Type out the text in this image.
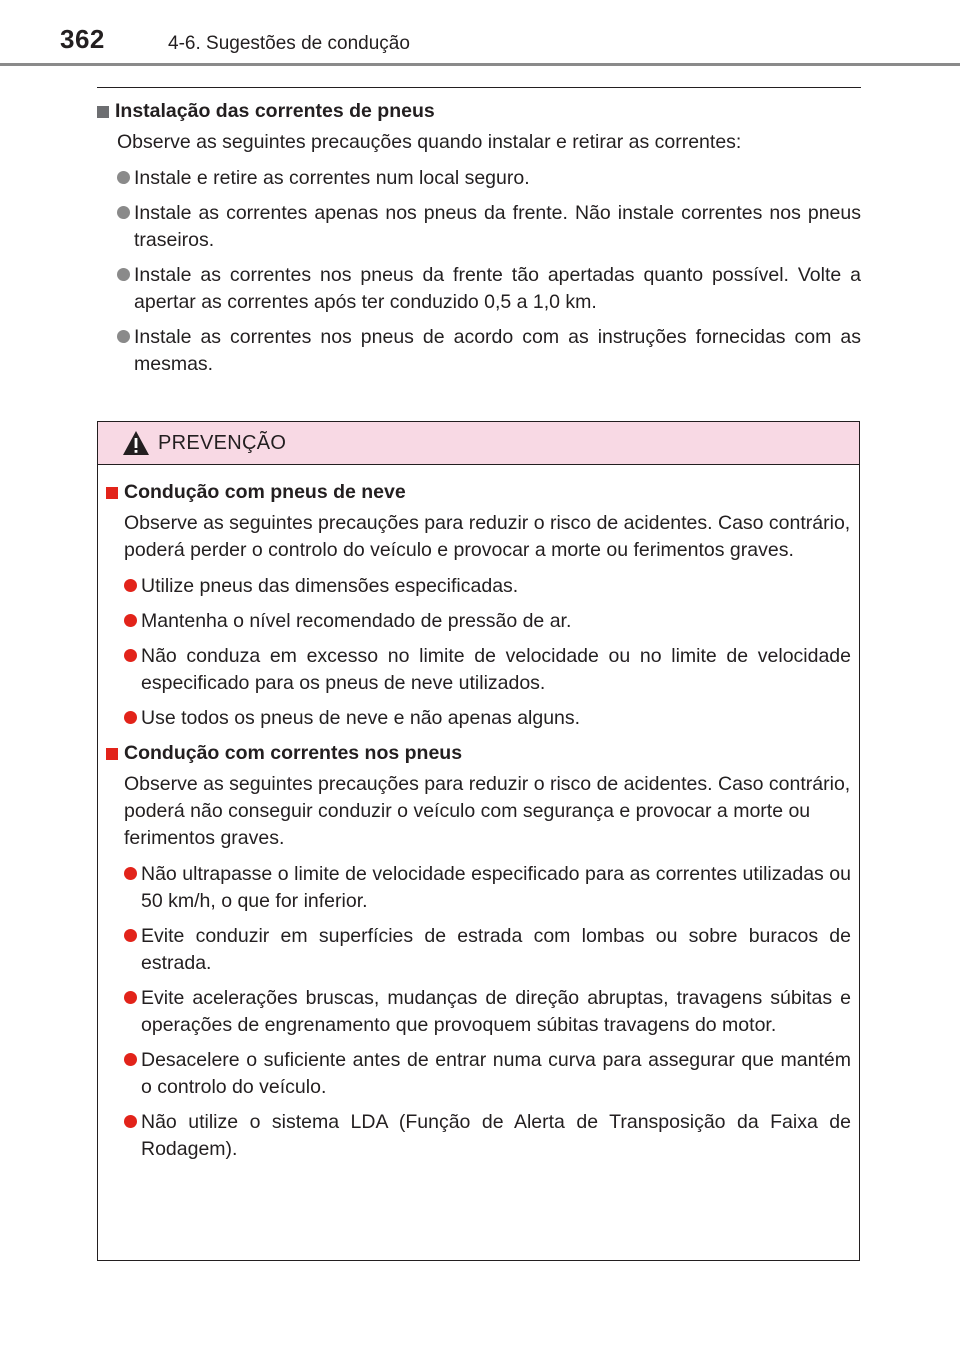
362	4-6. Sugestões de condução
Instalação das correntes de pneus
Observe as seguintes precauções quando instalar e retirar as correntes:
Instale e retire as correntes num local seguro.
Instale as correntes apenas nos pneus da frente. Não instale correntes nos pneus traseiros.
Instale as correntes nos pneus da frente tão apertadas quanto possível. Volte a apertar as correntes após ter conduzido 0,5 a 1,0 km.
Instale as correntes nos pneus de acordo com as instruções fornecidas com as mesmas.
PREVENÇÃO
Condução com pneus de neve
Observe as seguintes precauções para reduzir o risco de acidentes. Caso contrário, poderá perder o controlo do veículo e provocar a morte ou ferimentos graves.
Utilize pneus das dimensões especificadas.
Mantenha o nível recomendado de pressão de ar.
Não conduza em excesso no limite de velocidade ou no limite de velocidade especificado para os pneus de neve utilizados.
Use todos os pneus de neve e não apenas alguns.
Condução com correntes nos pneus
Observe as seguintes precauções para reduzir o risco de acidentes. Caso contrário, poderá não conseguir conduzir o veículo com segurança e provocar a morte ou ferimentos graves.
Não ultrapasse o limite de velocidade especificado para as correntes utilizadas ou 50 km/h, o que for inferior.
Evite conduzir em superfícies de estrada com lombas ou sobre buracos de estrada.
Evite acelerações bruscas, mudanças de direção abruptas, travagens súbitas e operações de engrenamento que provoquem súbitas travagens do motor.
Desacelere o suficiente antes de entrar numa curva para assegurar que mantém o controlo do veículo.
Não utilize o sistema LDA (Função de Alerta de Transposição da Faixa de Rodagem).
